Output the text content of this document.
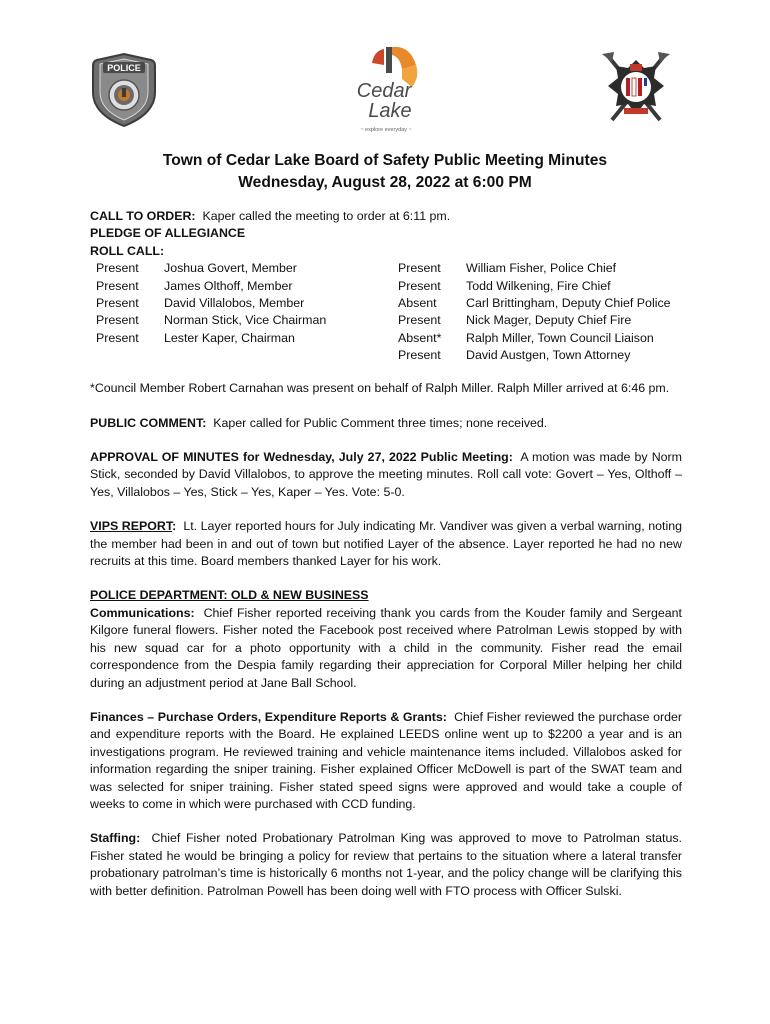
POLICE
Cedar
Lake
~ explore everyday ~
Town of Cedar Lake Board of Safety Public Meeting Minutes
Wednesday, August 28, 2022 at 6:00 PM

CALL TO ORDER: Kaper called the meeting to order at 6:11 pm.

PLEDGE OF ALLEGIANCE

ROLL CALL:

Present
Present
Present
Present
Present
Joshua Govert, Member
James Olthoff, Member
David Villalobos, Member
Norman Stick, Vice Chairman
Lester Kaper, Chairman
Present
Present
Absent
Present
Absent*
Present
William Fisher, Police Chief
Todd Wilkening, Fire Chief
Carl Brittingham, Deputy Chief Police
Nick Mager, Deputy Chief Fire
Ralph Miller, Town Council Liaison
David Austgen, Town Attorney

*Council Member Robert Carnahan was present on behalf of Ralph Miller. Ralph Miller arrived at 6:46 pm.

PUBLIC COMMENT: Kaper called for Public Comment three times; none received.

APPROVAL OF MINUTES for Wednesday, July 27, 2022 Public Meeting: A motion was made by Norm Stick, seconded by David Villalobos, to approve the meeting minutes. Roll call vote: Govert – Yes, Olthoff – Yes, Villalobos – Yes, Stick – Yes, Kaper – Yes. Vote: 5-0.

VIPS REPORT: Lt. Layer reported hours for July indicating Mr. Vandiver was given a verbal warning, noting the member had been in and out of town but notified Layer of the absence. Layer reported he had no new recruits at this time. Board members thanked Layer for his work.

POLICE DEPARTMENT: OLD & NEW BUSINESS

Communications: Chief Fisher reported receiving thank you cards from the Kouder family and Sergeant Kilgore funeral flowers. Fisher noted the Facebook post received where Patrolman Lewis stopped by with his new squad car for a photo opportunity with a child in the community. Fisher read the email correspondence from the Despia family regarding their appreciation for Corporal Miller helping her child during an adjustment period at Jane Ball School.

Finances – Purchase Orders, Expenditure Reports & Grants: Chief Fisher reviewed the purchase order and expenditure reports with the Board. He explained LEEDS online went up to $2200 a year and is an investigations program. He reviewed training and vehicle maintenance items included. Villalobos asked for information regarding the sniper training. Fisher explained Officer McDowell is part of the SWAT team and was selected for sniper training. Fisher stated speed signs were approved and would take a couple of weeks to come in which were purchased with CCD funding.

Staffing: Chief Fisher noted Probationary Patrolman King was approved to move to Patrolman status. Fisher stated he would be bringing a policy for review that pertains to the situation where a lateral transfer probationary patrolman’s time is historically 6 months not 1-year, and the policy change will be clarifying this with better definition. Patrolman Powell has been doing well with FTO process with Officer Sulski.
